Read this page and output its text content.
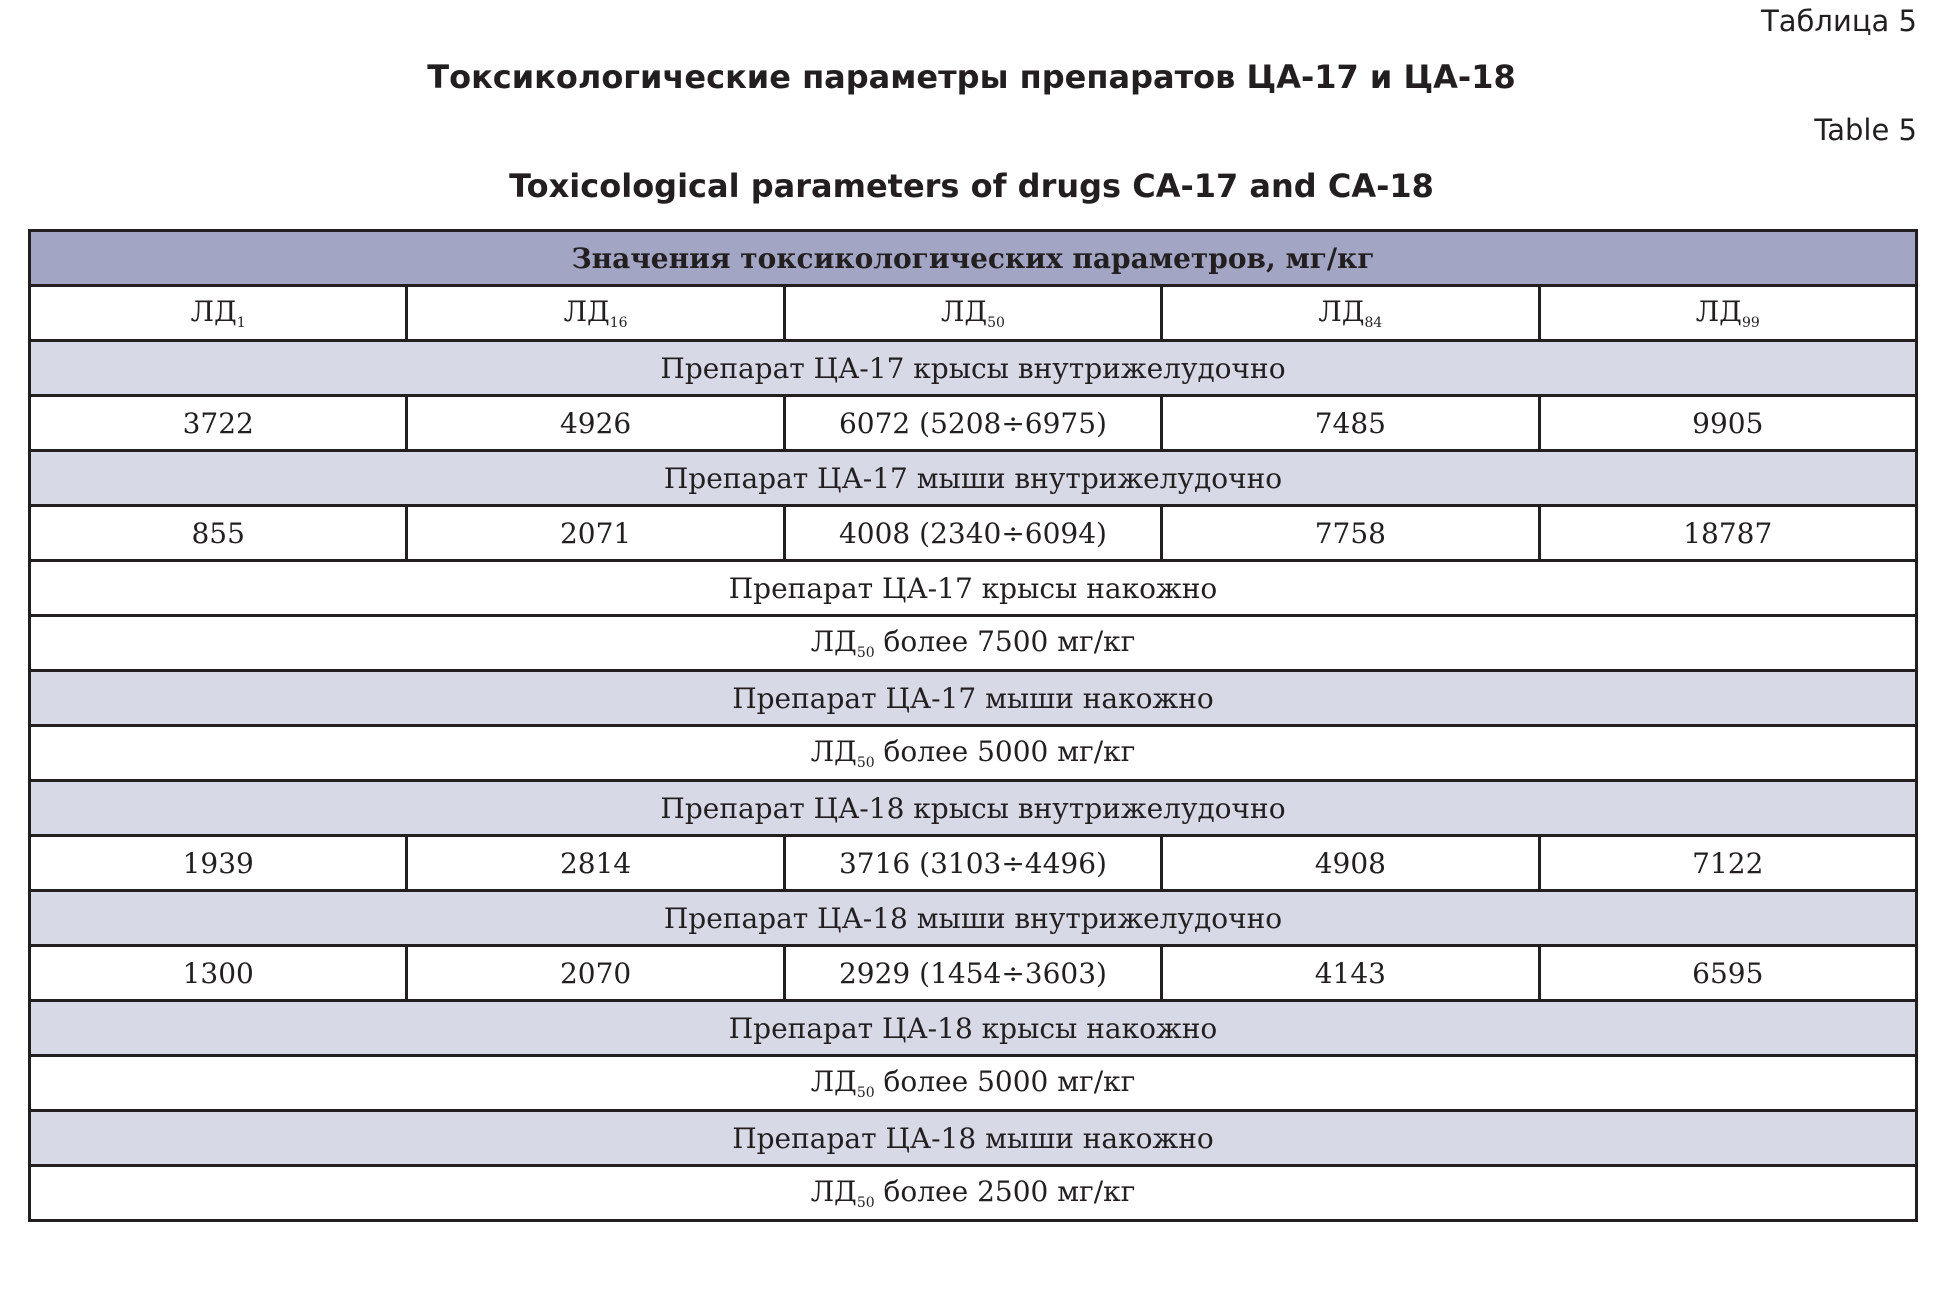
Таблица 5
Токсикологические параметры препаратов ЦА-17 и ЦА-18
Table 5
Toxicological parameters of drugs CA-17 and CA-18
Значения токсикологических параметров, мг/кг				
$ЛД_1$	$ЛД_{16}$	$ЛД_{50}$	$ЛД_{84}$	$ЛД_{99}$
Препарат ЦА-17 крысы внутрижелудочно				
3722	4926	6072 (5208÷6975)	7485	9905
Препарат ЦА-17 мыши внутрижелудочно				
855	2071	4008 (2340÷6094)	7758	18787
Препарат ЦА-17 крысы накожно				
$ЛД_{50}$ более 7500 мг/кг				
Препарат ЦА-17 мыши накожно				
$ЛД_{50}$ более 5000 мг/кг				
Препарат ЦА-18 крысы внутрижелудочно				
1939	2814	3716 (3103÷4496)	4908	7122
Препарат ЦА-18 мыши внутрижелудочно				
1300	2070	2929 (1454÷3603)	4143	6595
Препарат ЦА-18 крысы накожно				
$ЛД_{50}$ более 5000 мг/кг				
Препарат ЦА-18 мыши накожно				
$ЛД_{50}$ более 2500 мг/кг				
